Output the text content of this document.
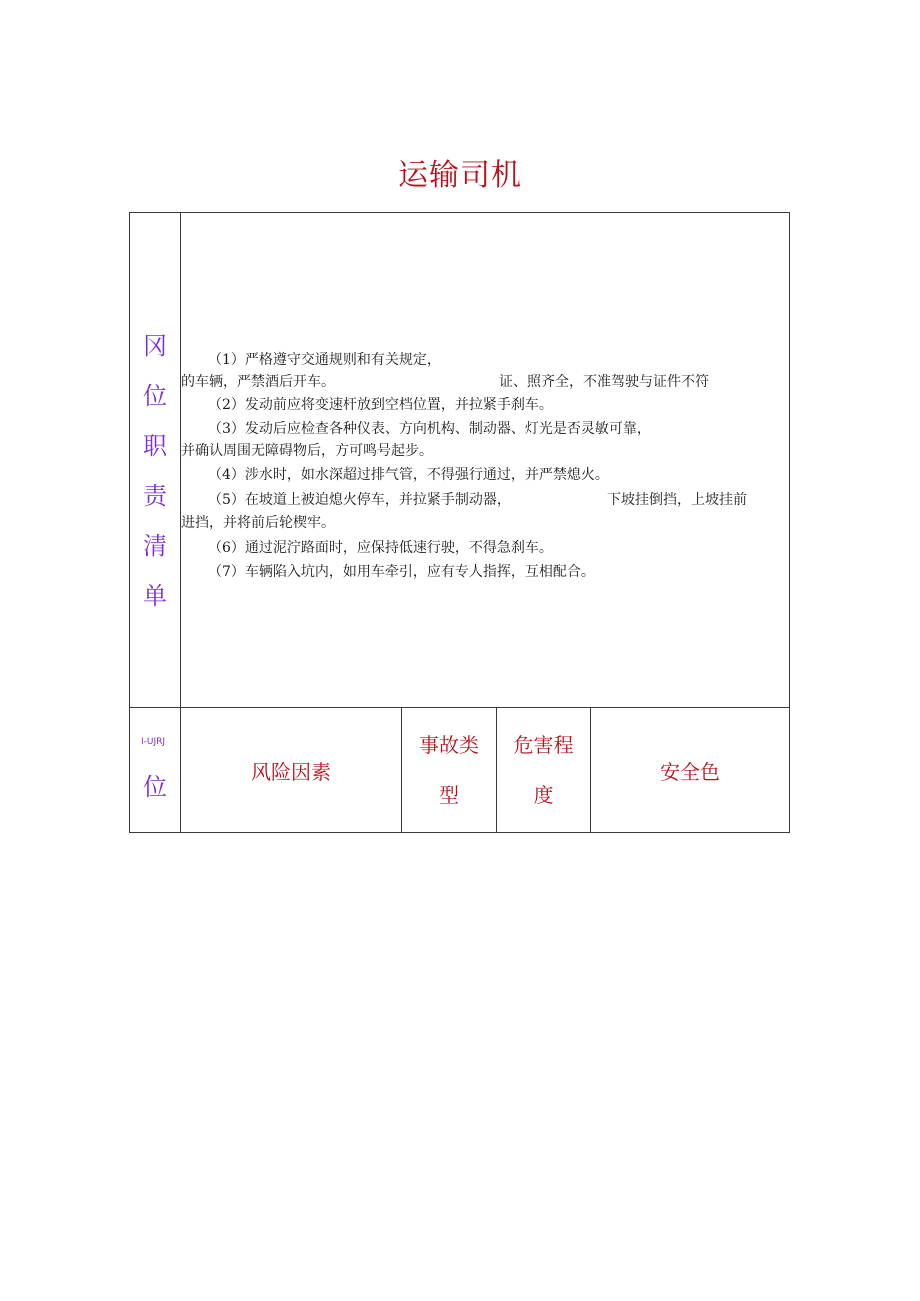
运输司机
冈
位
职
责
清
单
（1）严格遵守交通规则和有关规定，
的车辆，严禁酒后开车。	证、照齐全，不准驾驶与证件不符
（2）发动前应将变速杆放到空档位置，并拉紧手刹车。
（3）发动后应检查各种仪表、方向机构、制动器、灯光是否灵敏可靠，
并确认周围无障碍物后，方可鸣号起步。
（4）涉水时，如水深超过排气管，不得强行通过，并严禁熄火。
（5）在坡道上被迫熄火停车，并拉紧手制动器，	下坡挂倒挡，上坡挂前
进挡，并将前后轮楔牢。
（6）通过泥泞路面时，应保持低速行驶，不得急刹车。
（7）车辆陷入坑内，如用车牵引，应有专人指挥，互相配合。
I-UJRJ
位
风险因素
事故类
型
危害程
度
安全色
